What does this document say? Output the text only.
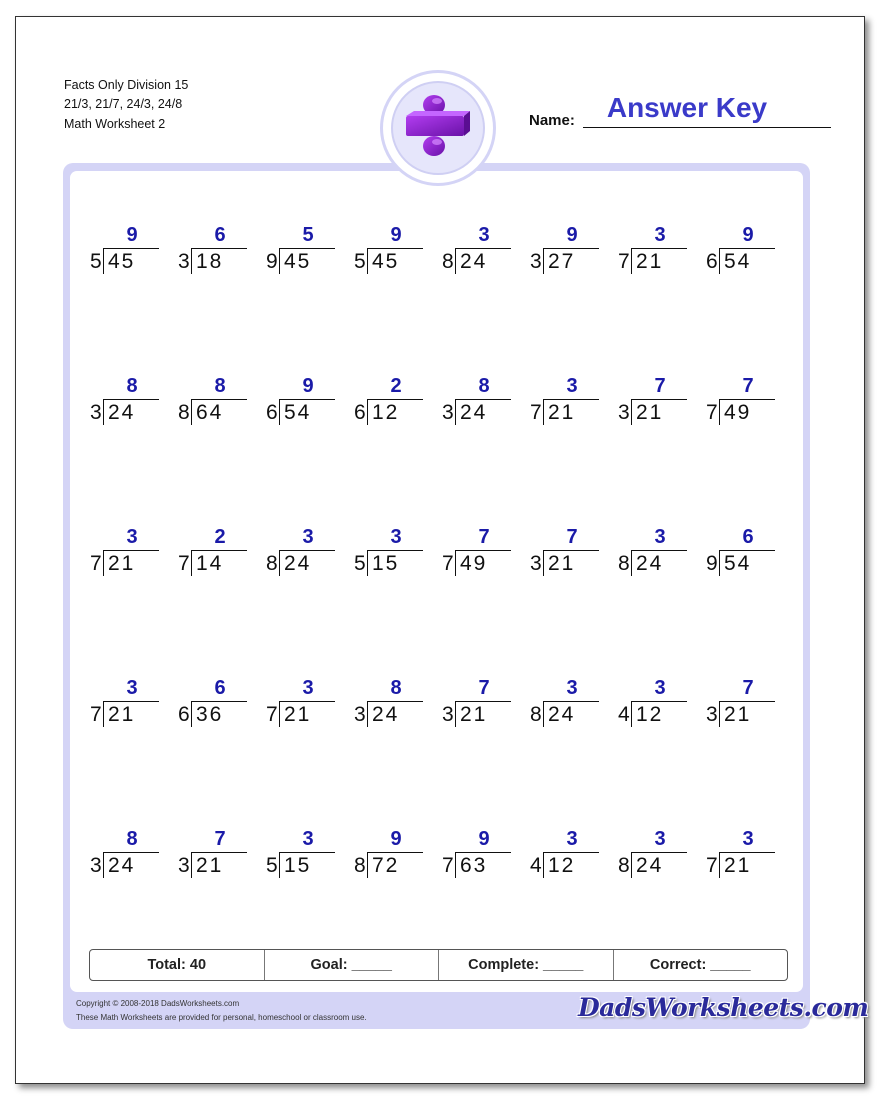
Facts Only Division 15
21/3, 21/7, 24/3, 24/8
Math Worksheet 2	Name:	Answer Key
9
5 45
6
3 18
5
9 45
9
5 45
3
8 24
9
3 27
3
7 21
9
6 54
8
3 24
8
8 64
9
6 54
2
6 12
8
3 24
3
7 21
7
3 21
7
7 49
3
7 21
2
7 14
3
8 24
3
5 15
7
7 49
7
3 21
3
8 24
6
9 54
3
7 21
6
6 36
3
7 21
8
3 24
7
3 21
3
8 24
3
4 12
7
3 21
8
3 24
7
3 21
3
5 15
9
8 72
9
7 63
3
4 12
3
8 24
3
7 21
Total: 40	Goal: _____	Complete: _____	Correct: _____
Copyright © 2008-2018 DadsWorksheets.com
These Math Worksheets are provided for personal, homeschool or classroom use.	DadsWorksheets.com
